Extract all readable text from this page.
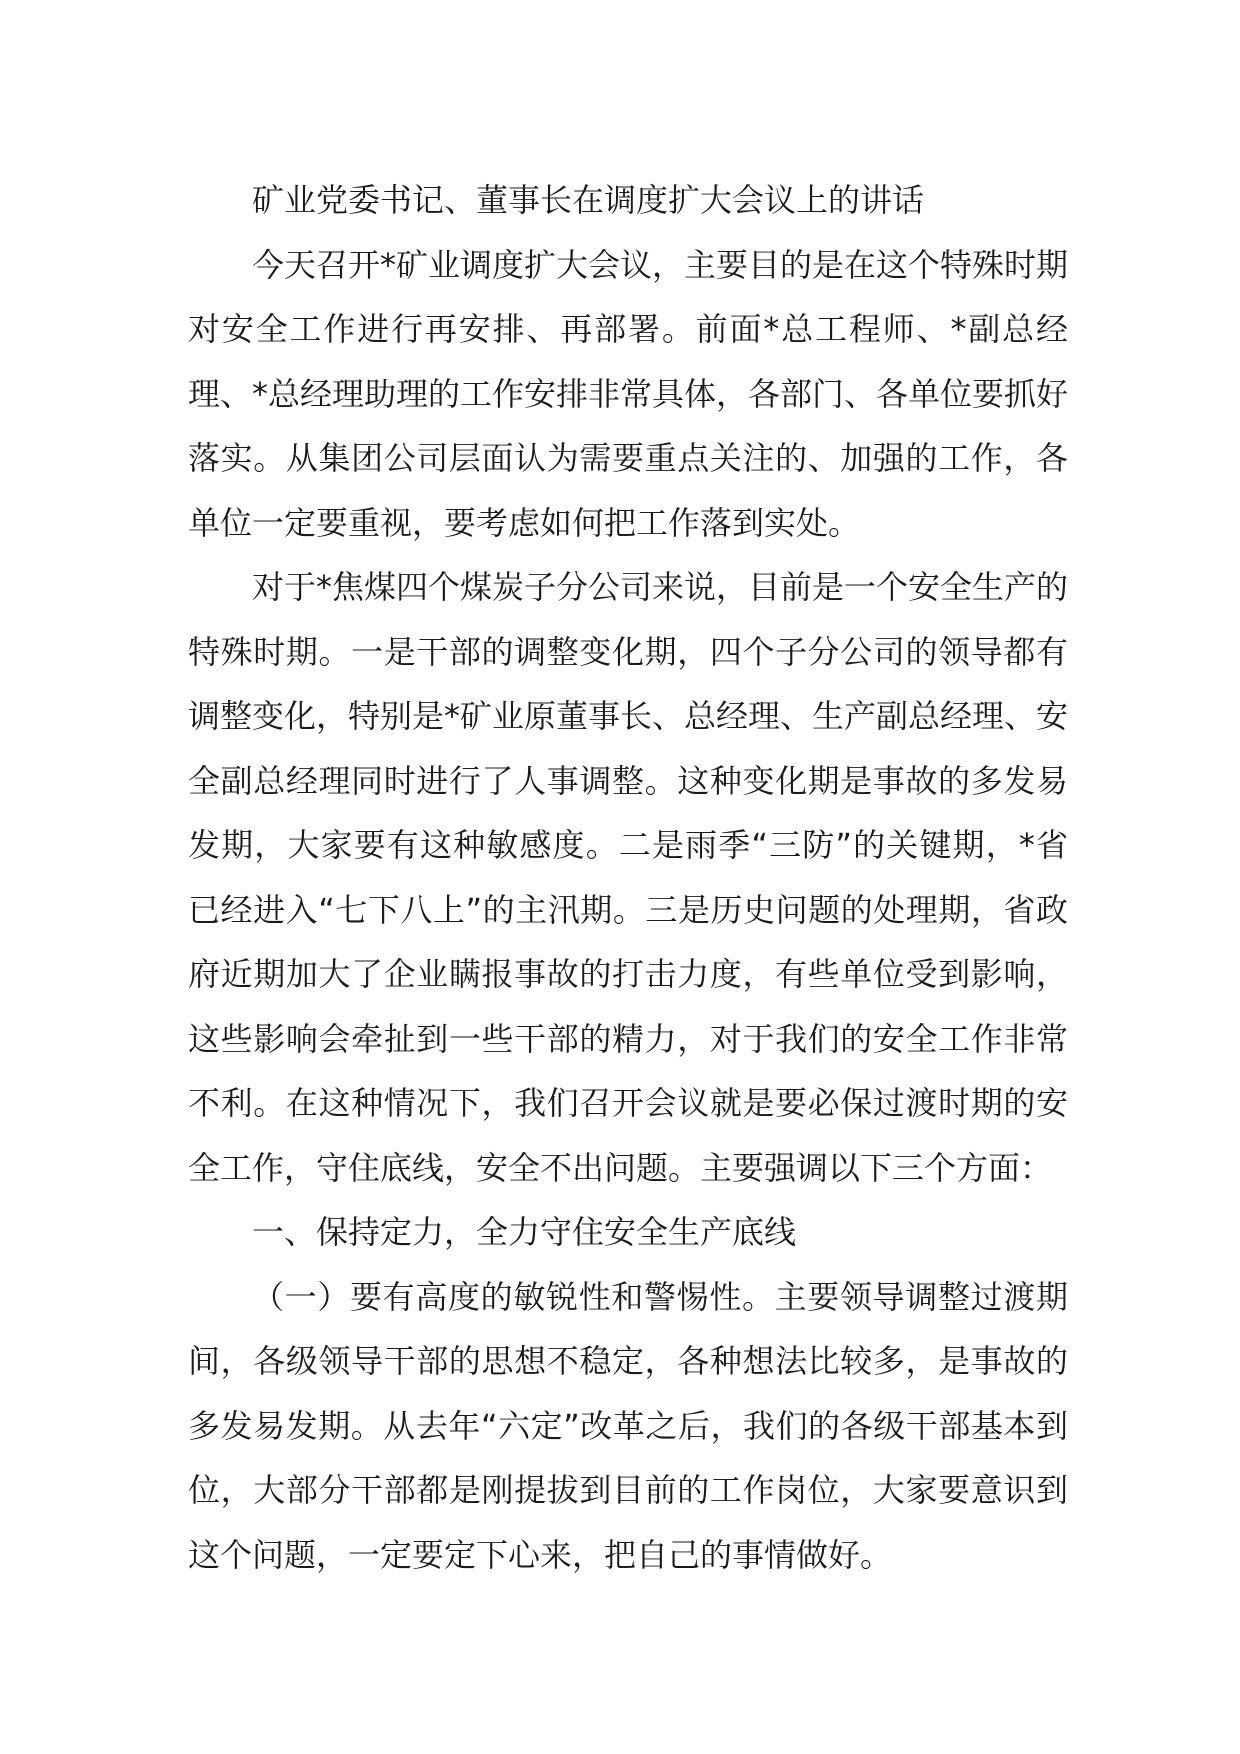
矿业党委书记、董事长在调度扩大会议上的讲话

今天召开*矿业调度扩大会议，主要目的是在这个特殊时期对安全工作进行再安排、再部署。前面*总工程师、*副总经理、*总经理助理的工作安排非常具体，各部门、各单位要抓好落实。从集团公司层面认为需要重点关注的、加强的工作，各单位一定要重视，要考虑如何把工作落到实处。

对于*焦煤四个煤炭子分公司来说，目前是一个安全生产的特殊时期。一是干部的调整变化期，四个子分公司的领导都有调整变化，特别是*矿业原董事长、总经理、生产副总经理、安全副总经理同时进行了人事调整。这种变化期是事故的多发易发期，大家要有这种敏感度。二是雨季“三防”的关键期，*省已经进入“七下八上”的主汛期。三是历史问题的处理期，省政府近期加大了企业瞒报事故的打击力度，有些单位受到影响，这些影响会牵扯到一些干部的精力，对于我们的安全工作非常不利。在这种情况下，我们召开会议就是要必保过渡时期的安全工作，守住底线，安全不出问题。主要强调以下三个方面：

一、保持定力，全力守住安全生产底线

（一）要有高度的敏锐性和警惕性。主要领导调整过渡期间，各级领导干部的思想不稳定，各种想法比较多，是事故的多发易发期。从去年“六定”改革之后，我们的各级干部基本到位，大部分干部都是刚提拔到目前的工作岗位，大家要意识到这个问题，一定要定下心来，把自己的事情做好。
